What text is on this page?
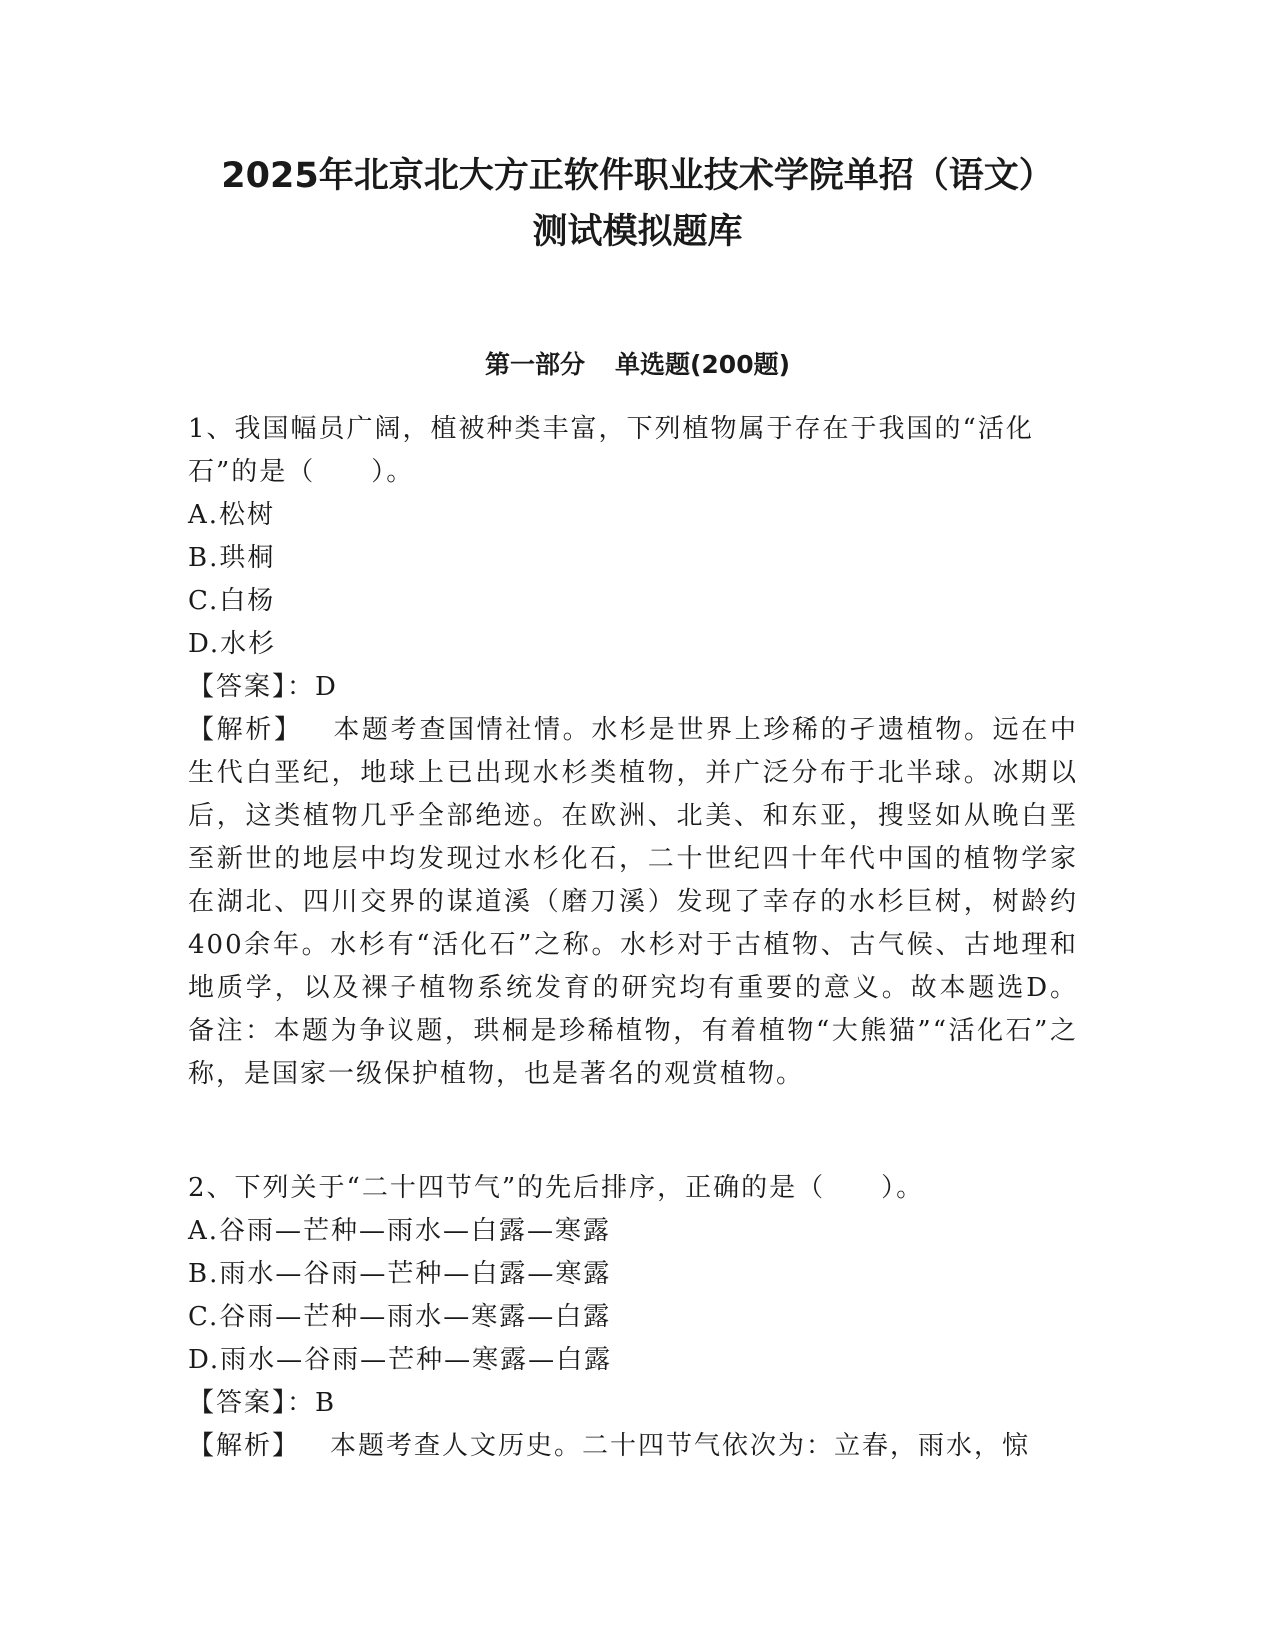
2025年北京北大方正软件职业技术学院单招（语文）
测试模拟题库
第一部分 单选题(200题)
1、我国幅员广阔，植被种类丰富，下列植物属于存在于我国的“活化
石”的是（　　）。
A.松树
B.珙桐
C.白杨
D.水杉
【答案】：D
【解析】 本题考查国情社情。水杉是世界上珍稀的孑遗植物。远在中生代白垩纪，地球上已出现水杉类植物，并广泛分布于北半球。冰期以后，这类植物几乎全部绝迹。在欧洲、北美、和东亚，搜竖如从晚白垩至新世的地层中均发现过水杉化石，二十世纪四十年代中国的植物学家在湖北、四川交界的谋道溪（磨刀溪）发现了幸存的水杉巨树，树龄约400余年。水杉有“活化石”之称。水杉对于古植物、古气候、古地理和地质学，以及裸子植物系统发育的研究均有重要的意义。故本题选D。备注：本题为争议题，珙桐是珍稀植物，有着植物“大熊猫”“活化石”之称，是国家一级保护植物，也是著名的观赏植物。
2、下列关于“二十四节气”的先后排序，正确的是（　　）。
A.谷雨—芒种—雨水—白露—寒露
B.雨水—谷雨—芒种—白露—寒露
C.谷雨—芒种—雨水—寒露—白露
D.雨水—谷雨—芒种—寒露—白露
【答案】：B
【解析】 本题考查人文历史。二十四节气依次为：立春，雨水，惊
